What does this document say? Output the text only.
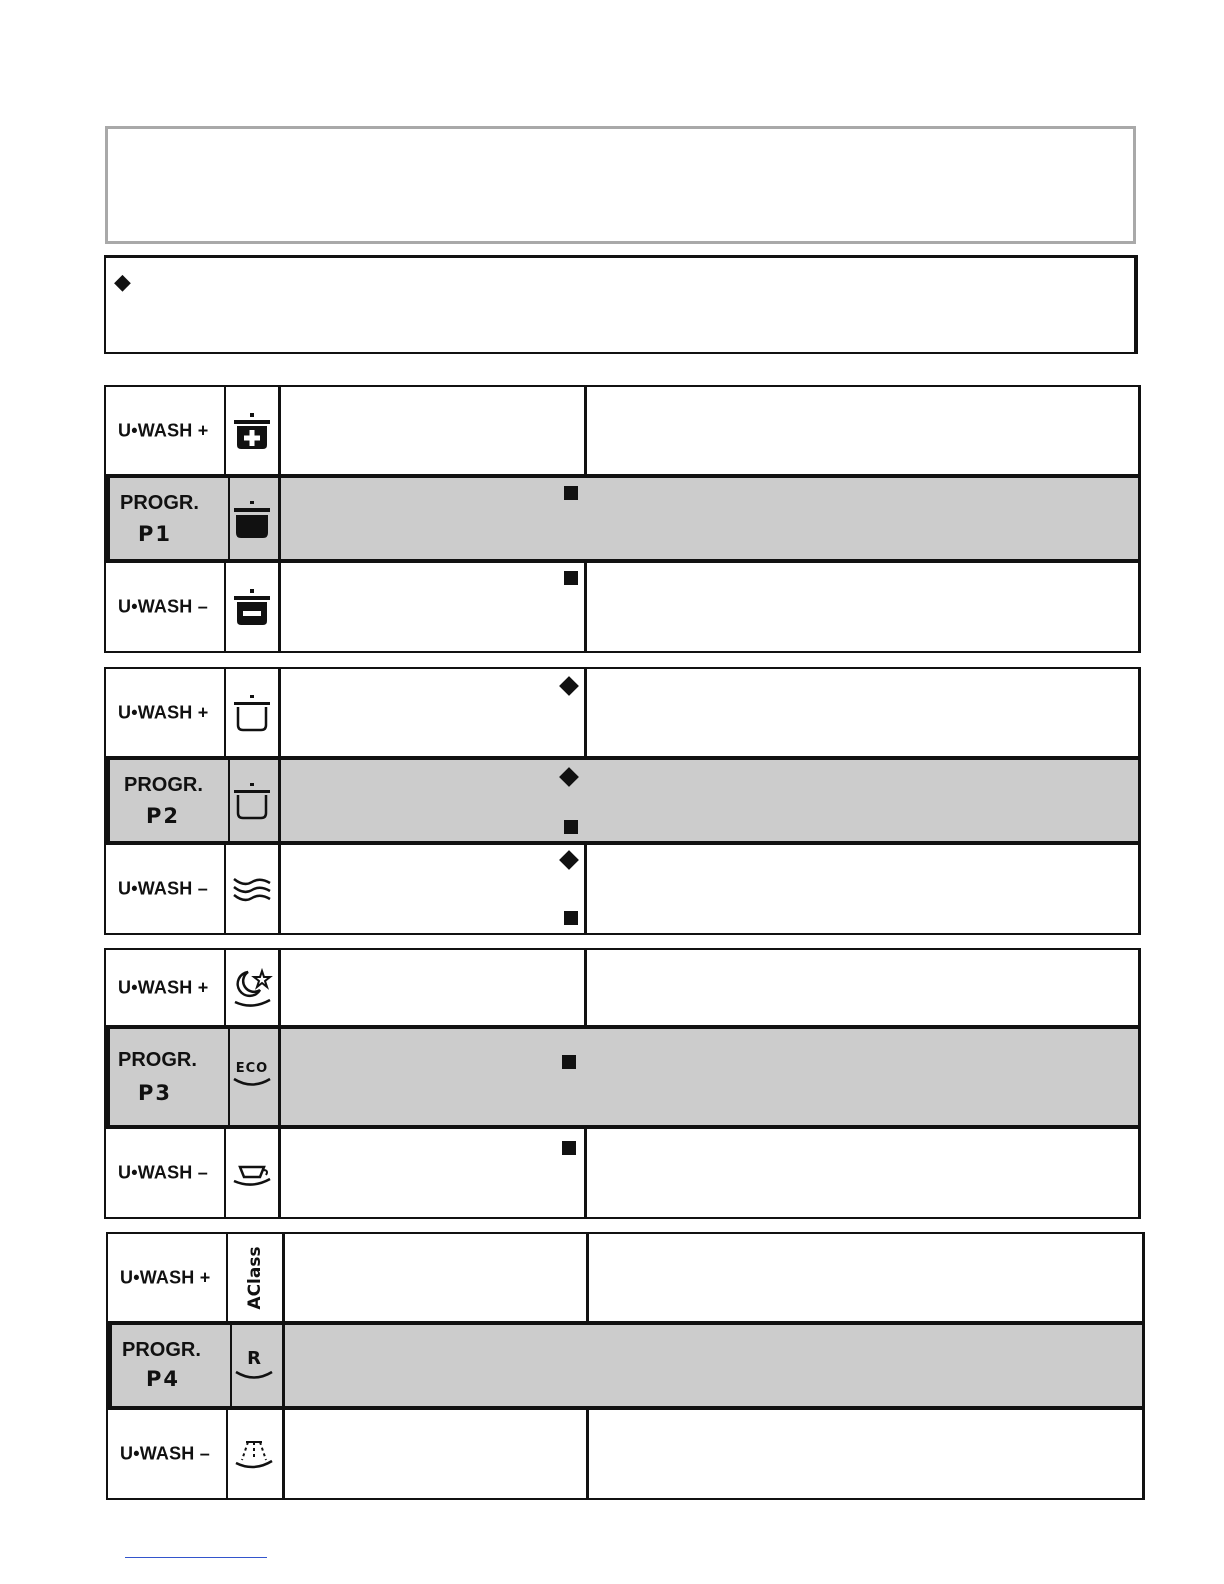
◆
U•WASH +
PROGR.
P1
U•WASH –
U•WASH +
PROGR.
P2
U•WASH –
U•WASH +
PROGR.
P3
ECO
U•WASH –
U•WASH + AClass
PROGR.
P4
R
U•WASH –
